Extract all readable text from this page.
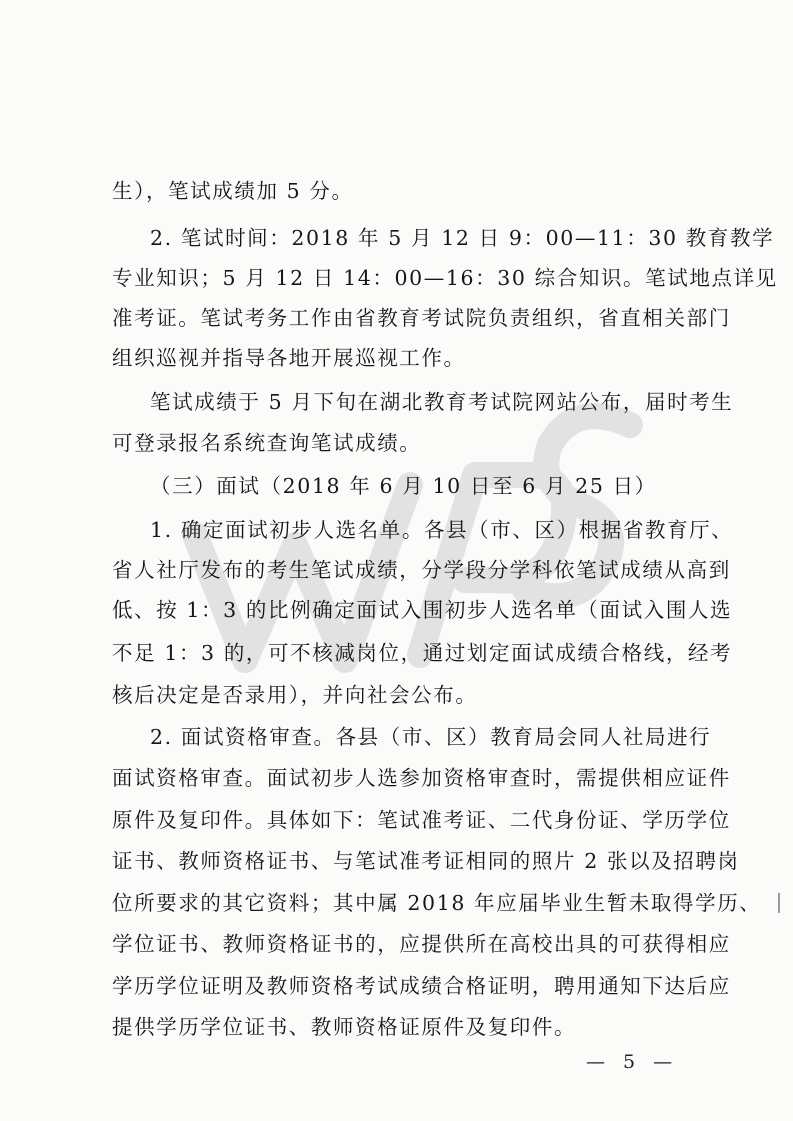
生），笔试成绩加 5 分。
2. 笔试时间：2018 年 5 月 12 日 9：00—11：30 教育教学
专业知识；5 月 12 日 14：00—16：30 综合知识。笔试地点详见
准考证。笔试考务工作由省教育考试院负责组织，省直相关部门
组织巡视并指导各地开展巡视工作。
笔试成绩于 5 月下旬在湖北教育考试院网站公布，届时考生
可登录报名系统查询笔试成绩。
（三）面试（2018 年 6 月 10 日至 6 月 25 日）
1. 确定面试初步人选名单。各县（市、区）根据省教育厅、
省人社厅发布的考生笔试成绩，分学段分学科依笔试成绩从高到
低、按 1：3 的比例确定面试入围初步人选名单（面试入围人选
不足 1：3 的，可不核减岗位，通过划定面试成绩合格线，经考
核后决定是否录用），并向社会公布。
2. 面试资格审查。各县（市、区）教育局会同人社局进行
面试资格审查。面试初步人选参加资格审查时，需提供相应证件
原件及复印件。具体如下：笔试准考证、二代身份证、学历学位
证书、教师资格证书、与笔试准考证相同的照片 2 张以及招聘岗
位所要求的其它资料；其中属 2018 年应届毕业生暂未取得学历、
学位证书、教师资格证书的，应提供所在高校出具的可获得相应
学历学位证明及教师资格考试成绩合格证明，聘用通知下达后应
提供学历学位证书、教师资格证原件及复印件。
— 5 —
